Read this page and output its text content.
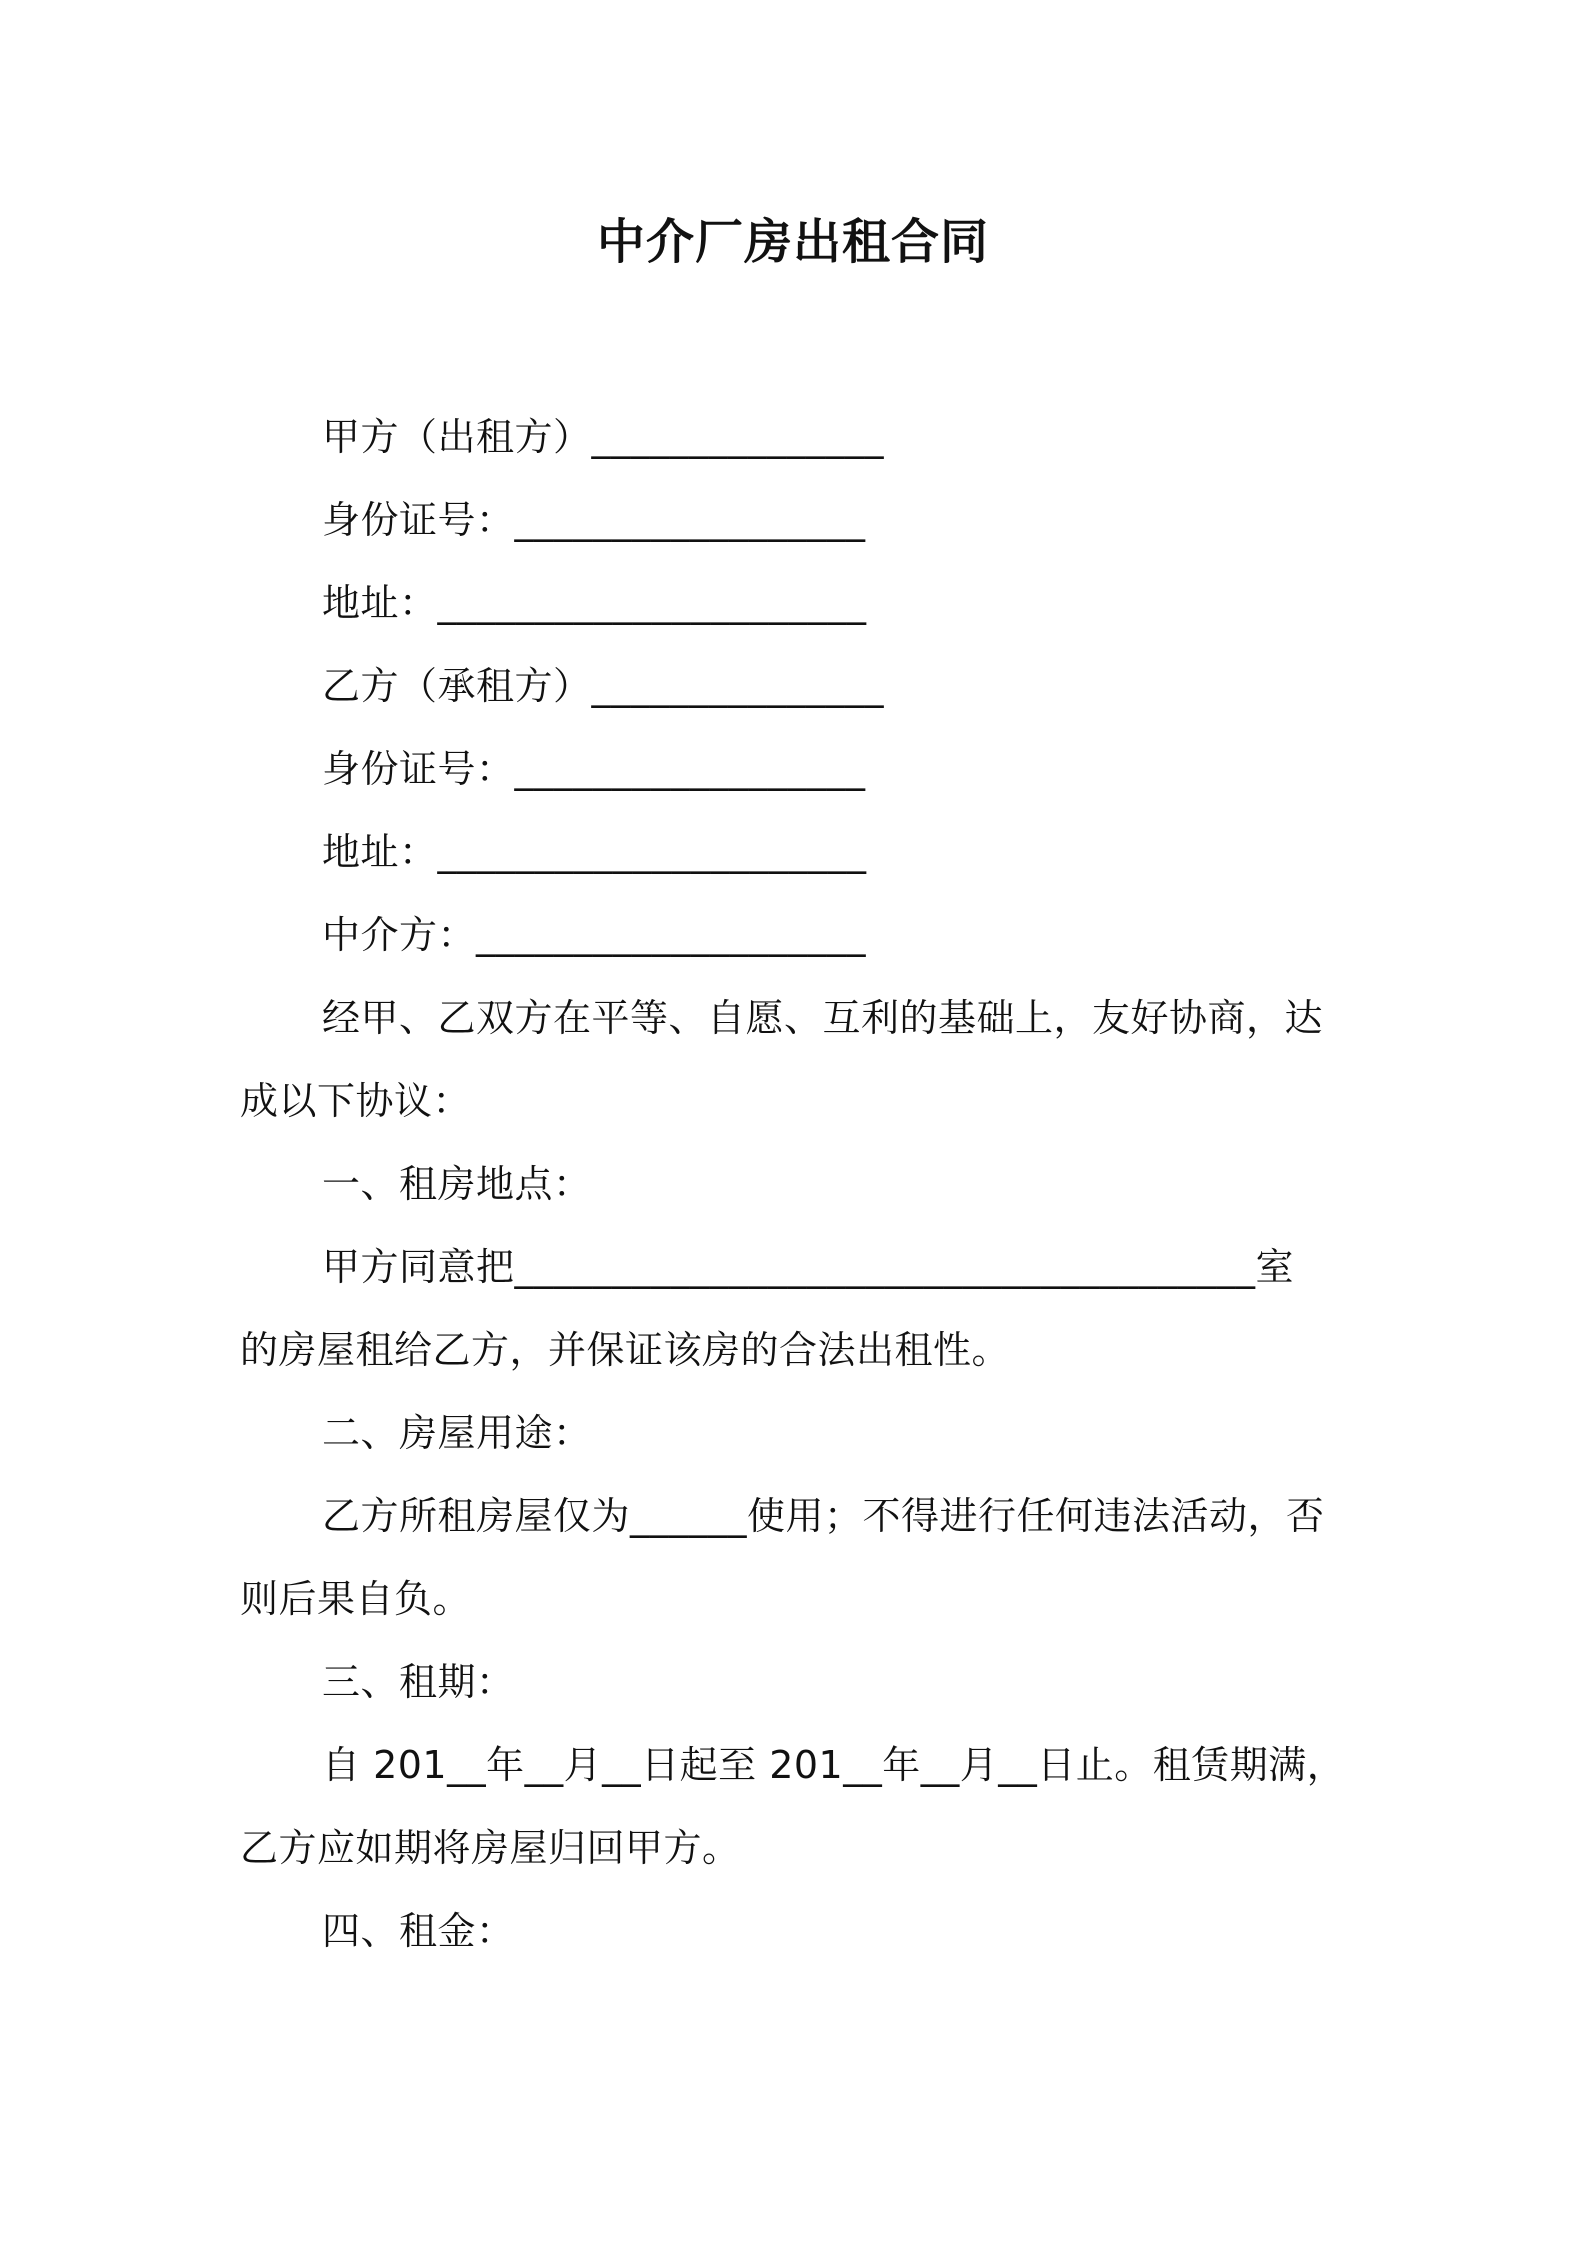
中介厂房出租合同
甲方（出租方）_______________
身份证号：__________________
地址：______________________
乙方（承租方）_______________
身份证号：__________________
地址：______________________
中介方：____________________
经甲、乙双方在平等、自愿、互利的基础上，友好协商，达
成以下协议：
一、租房地点：
甲方同意把______________________________________室
的房屋租给乙方，并保证该房的合法出租性。
二、房屋用途：
乙方所租房屋仅为______使用；不得进行任何违法活动，否
则后果自负。
三、租期：
自 201__年__月__日起至 201__年__月__日止。租赁期满，
乙方应如期将房屋归回甲方。
四、租金：
